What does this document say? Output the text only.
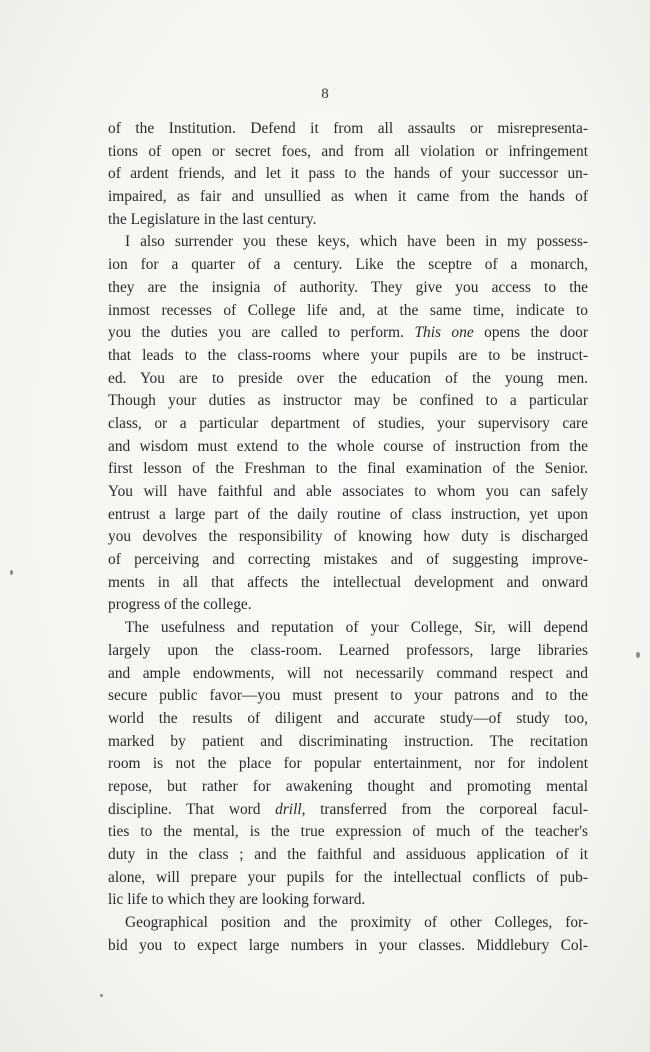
8
of the Institution. Defend it from all assaults or misrepresenta-
tions of open or secret foes, and from all violation or infringement
of ardent friends, and let it pass to the hands of your successor un-
impaired, as fair and unsullied as when it came from the hands of
the Legislature in the last century.
I also surrender you these keys, which have been in my possess-
ion for a quarter of a century. Like the sceptre of a monarch,
they are the insignia of authority. They give you access to the
inmost recesses of College life and, at the same time, indicate to
you the duties you are called to perform. This one opens the door
that leads to the class-rooms where your pupils are to be instruct-
ed. You are to preside over the education of the young men.
Though your duties as instructor may be confined to a particular
class, or a particular department of studies, your supervisory care
and wisdom must extend to the whole course of instruction from the
first lesson of the Freshman to the final examination of the Senior.
You will have faithful and able associates to whom you can safely
entrust a large part of the daily routine of class instruction, yet upon
you devolves the responsibility of knowing how duty is discharged
of perceiving and correcting mistakes and of suggesting improve-
ments in all that affects the intellectual development and onward
progress of the college.
The usefulness and reputation of your College, Sir, will depend
largely upon the class-room. Learned professors, large libraries
and ample endowments, will not necessarily command respect and
secure public favor—you must present to your patrons and to the
world the results of diligent and accurate study—of study too,
marked by patient and discriminating instruction. The recitation
room is not the place for popular entertainment, nor for indolent
repose, but rather for awakening thought and promoting mental
discipline. That word drill, transferred from the corporeal facul-
ties to the mental, is the true expression of much of the teacher's
duty in the class ; and the faithful and assiduous application of it
alone, will prepare your pupils for the intellectual conflicts of pub-
lic life to which they are looking forward.
Geographical position and the proximity of other Colleges, for-
bid you to expect large numbers in your classes. Middlebury Col-
